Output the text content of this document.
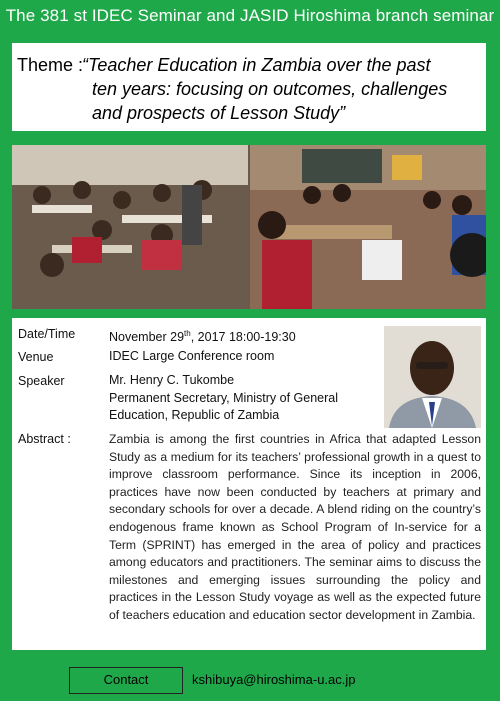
The 381 st IDEC Seminar and JASID Hiroshima branch seminar
Theme :
“Teacher Education in Zambia over the past
ten years: focusing on outcomes, challenges
and prospects of Lesson Study”
Date/Time	November 29th, 2017 18:00-19:30
Venue	IDEC Large Conference room
Speaker	Mr. Henry C. Tukombe
Permanent Secretary, Ministry of General
Education, Republic of Zambia
Abstract :	Zambia is among the first countries in Africa that adapted Lesson Study as a medium for its teachers’ professional growth in a quest to improve classroom performance. Since its inception in 2006, practices have now been conducted by teachers at primary and secondary schools for over a decade. A blend riding on the country’s endogenous frame known as School Program of In-service for a Term (SPRINT) has emerged in the area of policy and practices among educators and practitioners. The seminar aims to discuss the milestones and emerging issues surrounding the policy and practices in the Lesson Study voyage as well as the expected future of teachers education and education sector development in Zambia.
Contact	kshibuya@hiroshima-u.ac.jp
